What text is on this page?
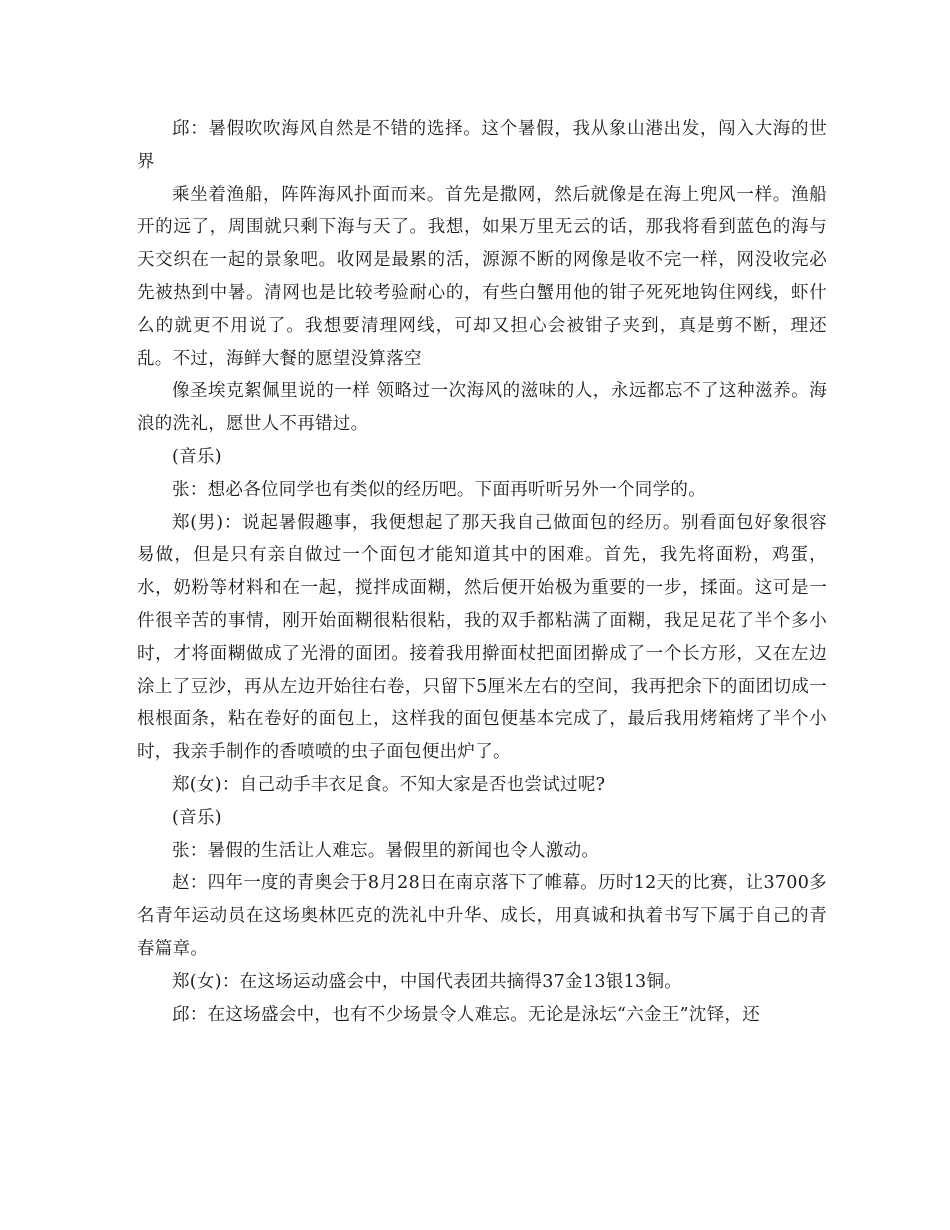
邱：暑假吹吹海风自然是不错的选择。这个暑假，我从象山港出发，闯入大海的世界

乘坐着渔船，阵阵海风扑面而来。首先是撒网，然后就像是在海上兜风一样。渔船开的远了，周围就只剩下海与天了。我想，如果万里无云的话，那我将看到蓝色的海与天交织在一起的景象吧。收网是最累的活，源源不断的网像是收不完一样，网没收完必先被热到中暑。清网也是比较考验耐心的，有些白蟹用他的钳子死死地钩住网线，虾什么的就更不用说了。我想要清理网线，可却又担心会被钳子夹到，真是剪不断，理还乱。不过，海鲜大餐的愿望没算落空

像圣埃克絮佩里说的一样 领略过一次海风的滋味的人，永远都忘不了这种滋养。海浪的洗礼，愿世人不再错过。

(音乐)

张：想必各位同学也有类似的经历吧。下面再听听另外一个同学的。

郑(男)：说起暑假趣事，我便想起了那天我自己做面包的经历。别看面包好象很容易做，但是只有亲自做过一个面包才能知道其中的困难。首先，我先将面粉，鸡蛋，水，奶粉等材料和在一起，搅拌成面糊，然后便开始极为重要的一步，揉面。这可是一件很辛苦的事情，刚开始面糊很粘很粘，我的双手都粘满了面糊，我足足花了半个多小时，才将面糊做成了光滑的面团。接着我用擀面杖把面团擀成了一个长方形，又在左边涂上了豆沙，再从左边开始往右卷，只留下5厘米左右的空间，我再把余下的面团切成一根根面条，粘在卷好的面包上，这样我的面包便基本完成了，最后我用烤箱烤了半个小时，我亲手制作的香喷喷的虫子面包便出炉了。

郑(女)：自己动手丰衣足食。不知大家是否也尝试过呢?

(音乐)

张：暑假的生活让人难忘。暑假里的新闻也令人激动。

赵：四年一度的青奥会于8月28日在南京落下了帷幕。历时12天的比赛，让3700多名青年运动员在这场奥林匹克的洗礼中升华、成长，用真诚和执着书写下属于自己的青春篇章。

郑(女)：在这场运动盛会中，中国代表团共摘得37金13银13铜。

邱：在这场盛会中，也有不少场景令人难忘。无论是泳坛“六金王”沈铎，还
